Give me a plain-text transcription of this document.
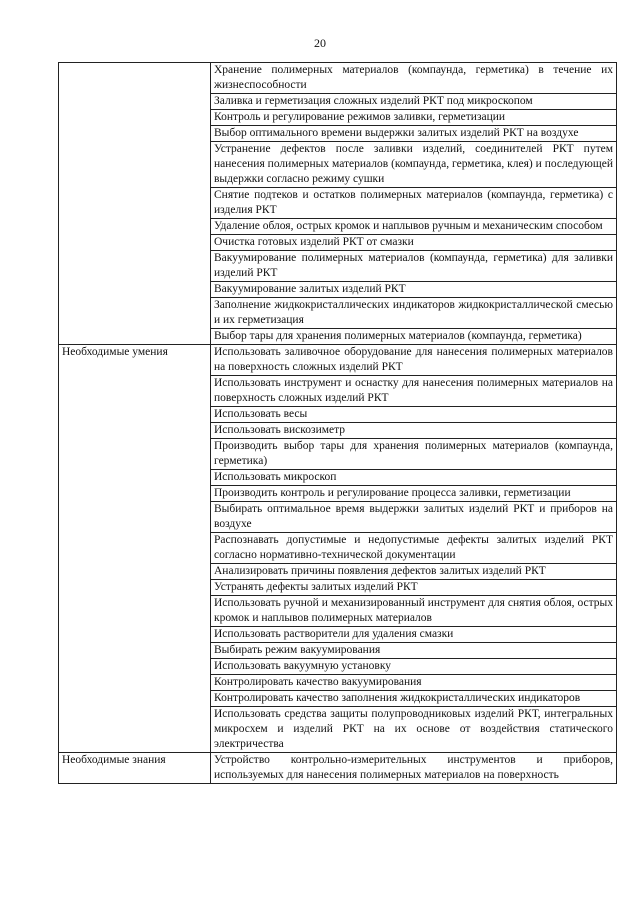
20
	Хранение полимерных материалов (компаунда, герметика) в течение их жизнеспособности
	Заливка и герметизация сложных изделий РКТ под микроскопом
	Контроль и регулирование режимов заливки, герметизации
	Выбор оптимального времени выдержки залитых изделий РКТ на воздухе
	Устранение дефектов после заливки изделий, соединителей РКТ путем нанесения полимерных материалов (компаунда, герметика, клея) и последующей выдержки согласно режиму сушки
	Снятие подтеков и остатков полимерных материалов (компаунда, герметика) с изделия РКТ
	Удаление облоя, острых кромок и наплывов ручным и механическим способом
	Очистка готовых изделий РКТ от смазки
	Вакуумирование полимерных материалов (компаунда, герметика) для заливки изделий РКТ
	Вакуумирование залитых изделий РКТ
	Заполнение жидкокристаллических индикаторов жидкокристаллической смесью и их герметизация
	Выбор тары для хранения полимерных материалов (компаунда, герметика)
Необходимые умения	Использовать заливочное оборудование для нанесения полимерных материалов на поверхность сложных изделий РКТ
	Использовать инструмент и оснастку для нанесения полимерных материалов на поверхность сложных изделий РКТ
	Использовать весы
	Использовать вискозиметр
	Производить выбор тары для хранения полимерных материалов (компаунда, герметика)
	Использовать микроскоп
	Производить контроль и регулирование процесса заливки, герметизации
	Выбирать оптимальное время выдержки залитых изделий РКТ и приборов на воздухе
	Распознавать допустимые и недопустимые дефекты залитых изделий РКТ согласно нормативно-технической документации
	Анализировать причины появления дефектов залитых изделий РКТ
	Устранять дефекты залитых изделий РКТ
	Использовать ручной и механизированный инструмент для снятия облоя, острых кромок и наплывов полимерных материалов
	Использовать растворители для удаления смазки
	Выбирать режим вакуумирования
	Использовать вакуумную установку
	Контролировать качество вакуумирования
	Контролировать качество заполнения жидкокристаллических индикаторов
	Использовать средства защиты полупроводниковых изделий РКТ, интегральных микросхем и изделий РКТ на их основе от воздействия статического электричества
Необходимые знания	Устройство контрольно-измерительных инструментов и приборов, используемых для нанесения полимерных материалов на поверхность
